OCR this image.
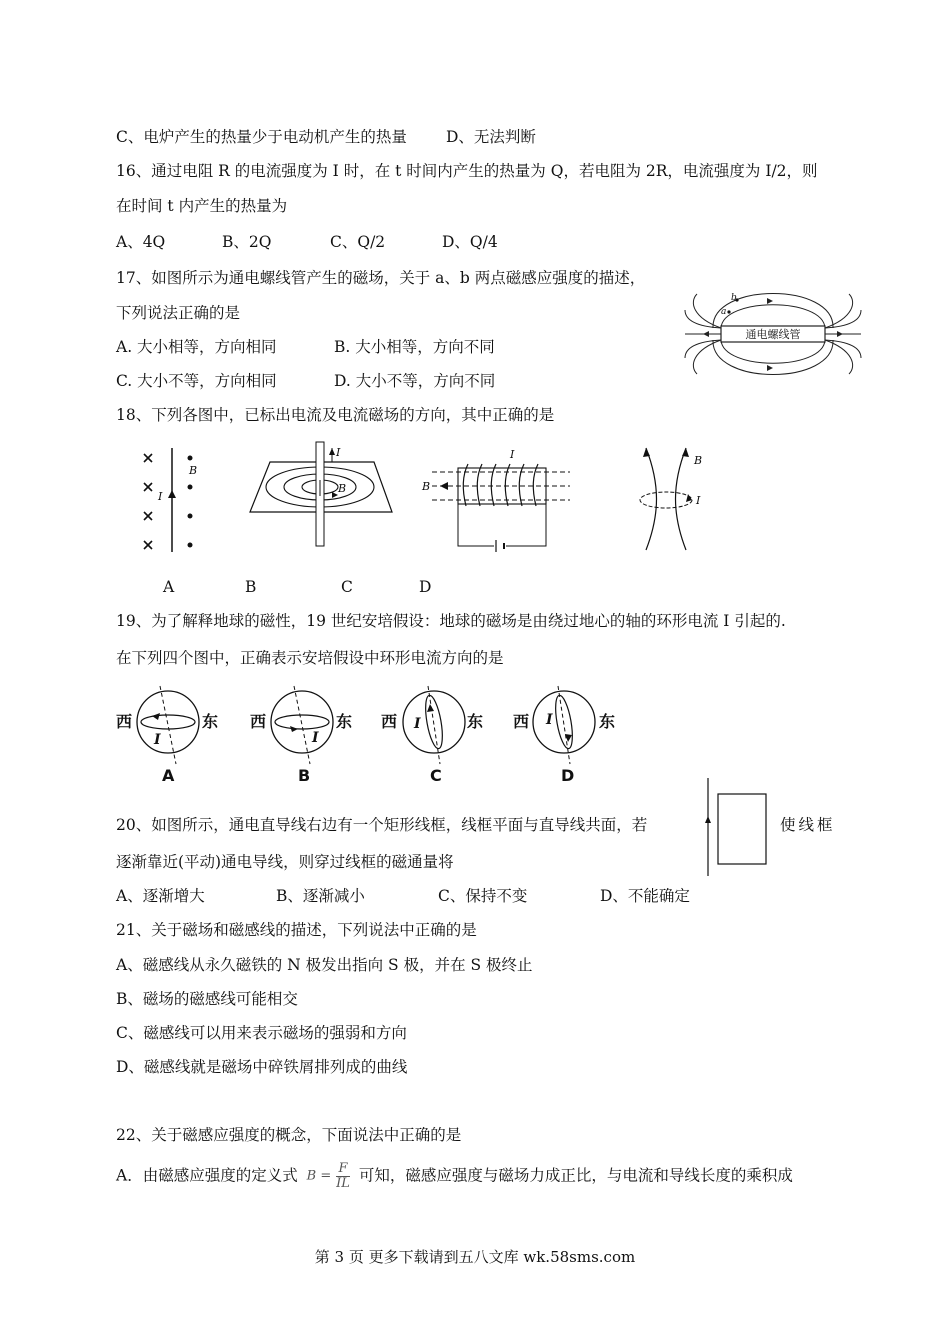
C、电炉产生的热量少于电动机产生的热量	D、无法判断
16、通过电阻 R 的电流强度为 I 时，在 t 时间内产生的热量为 Q，若电阻为 2R，电流强度为 I/2，则
在时间 t 内产生的热量为
A、4Q	B、2Q	C、Q/2	D、Q/4
17、如图所示为通电螺线管产生的磁场，关于 a、b 两点磁感应强度的描述，
下列说法正确的是
A. 大小相等，方向相同	B. 大小相等，方向不同
C. 大小不等，方向相同	D. 大小不等，方向不同
通电螺线管
a
b
18、下列各图中，已标出电流及电流磁场的方向，其中正确的是
B
I
I
B	B
I	B
I
A	B	C	D
19、为了解释地球的磁性，19 世纪安培假设：地球的磁场是由绕过地心的轴的环形电流 I 引起的.
在下列四个图中，正确表示安培假设中环形电流方向的是
西	东
I
A
西	东
I
B
西	东
I
C
西	东
I
D
20、如图所示，通电直导线右边有一个矩形线框，线框平面与直导线共面，若	使线框
逐渐靠近(平动)通电导线，则穿过线框的磁通量将
A、逐渐增大	B、逐渐减小	C、保持不变	D、不能确定
21、关于磁场和磁感线的描述，下列说法中正确的是
A、磁感线从永久磁铁的 N 极发出指向 S 极，并在 S 极终止
B、磁场的磁感线可能相交
C、磁感线可以用来表示磁场的强弱和方向
D、磁感线就是磁场中碎铁屑排列成的曲线
22、关于磁感应强度的概念，下面说法中正确的是
A．由磁感应强度的定义式 $B = \frac{F}{IL}$ 可知，磁感应强度与磁场力成正比，与电流和导线长度的乘积成
第 3 页 更多下载请到五八文库 wk.58sms.com
